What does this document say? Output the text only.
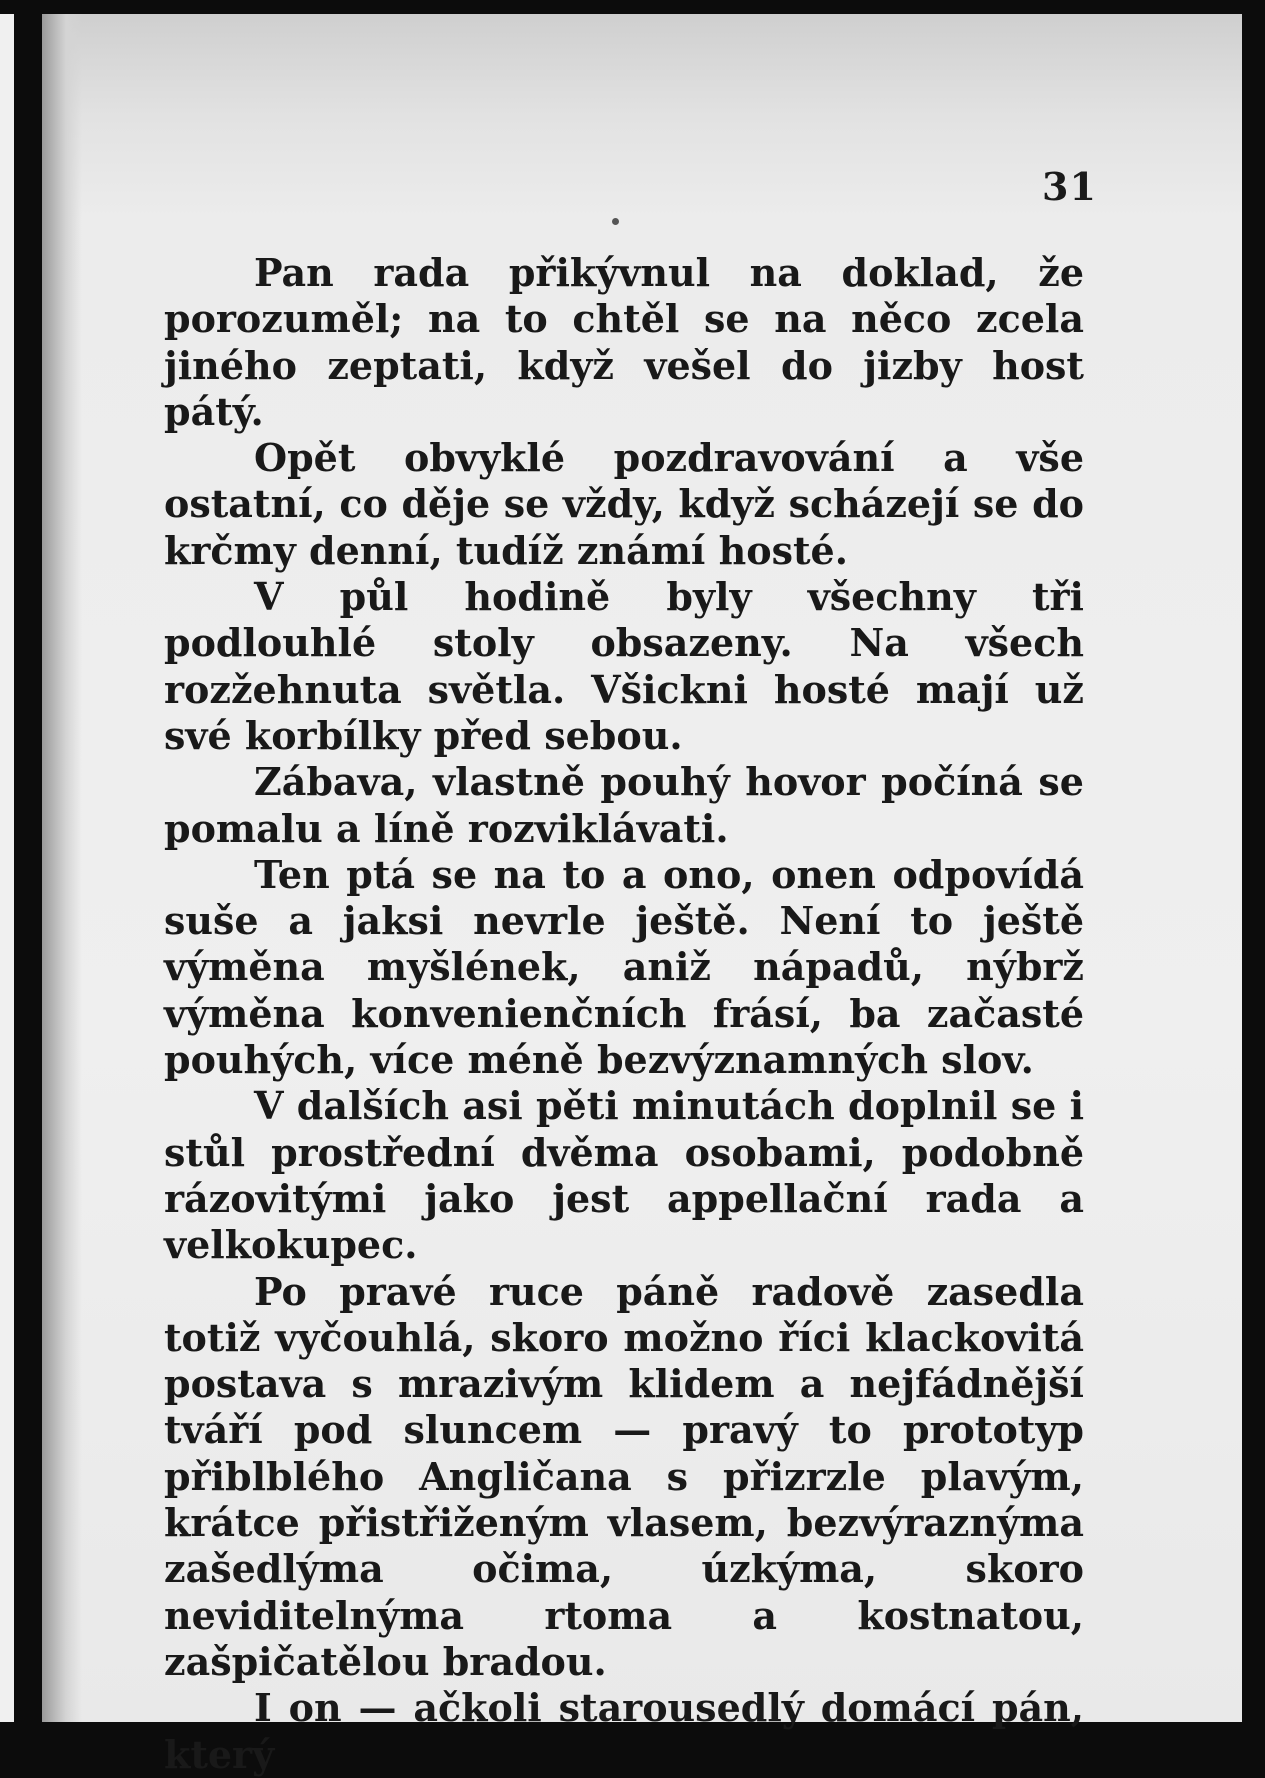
31

Pan rada přikývnul na doklad, že porozuměl; na to chtěl se na něco zcela jiného zeptati, když vešel do jizby host pátý.

Opět obvyklé pozdravování a vše ostatní, co děje se vždy, když scházejí se do krčmy denní, tudíž známí hosté.

V půl hodině byly všechny tři podlouhlé stoly obsazeny. Na všech rozžehnuta světla. Všickni hosté mají už své korbílky před sebou.

Zábava, vlastně pouhý hovor počíná se pomalu a líně rozviklávati.

Ten ptá se na to a ono, onen odpovídá suše a jaksi nevrle ještě. Není to ještě výměna myšlének, aniž nápadů, nýbrž výměna konvenienčních frásí, ba začasté pouhých, více méně bezvýznamných slov.

V dalších asi pěti minutách doplnil se i stůl prostřední dvěma osobami, podobně rázovitými jako jest appellační rada a velkokupec.

Po pravé ruce páně radově zasedla totiž vyčouhlá, skoro možno říci klackovitá postava s mrazivým klidem a nejfádnější tváří pod sluncem — pravý to prototyp přiblblého Angličana s přizrzle plavým, krátce přistřiženým vlasem, bezvýraznýma zašedlýma očima, úzkýma, skoro neviditelnýma rtoma a kostnatou, zašpičatělou bradou.

I on — ačkoli starousedlý domácí pán, který
